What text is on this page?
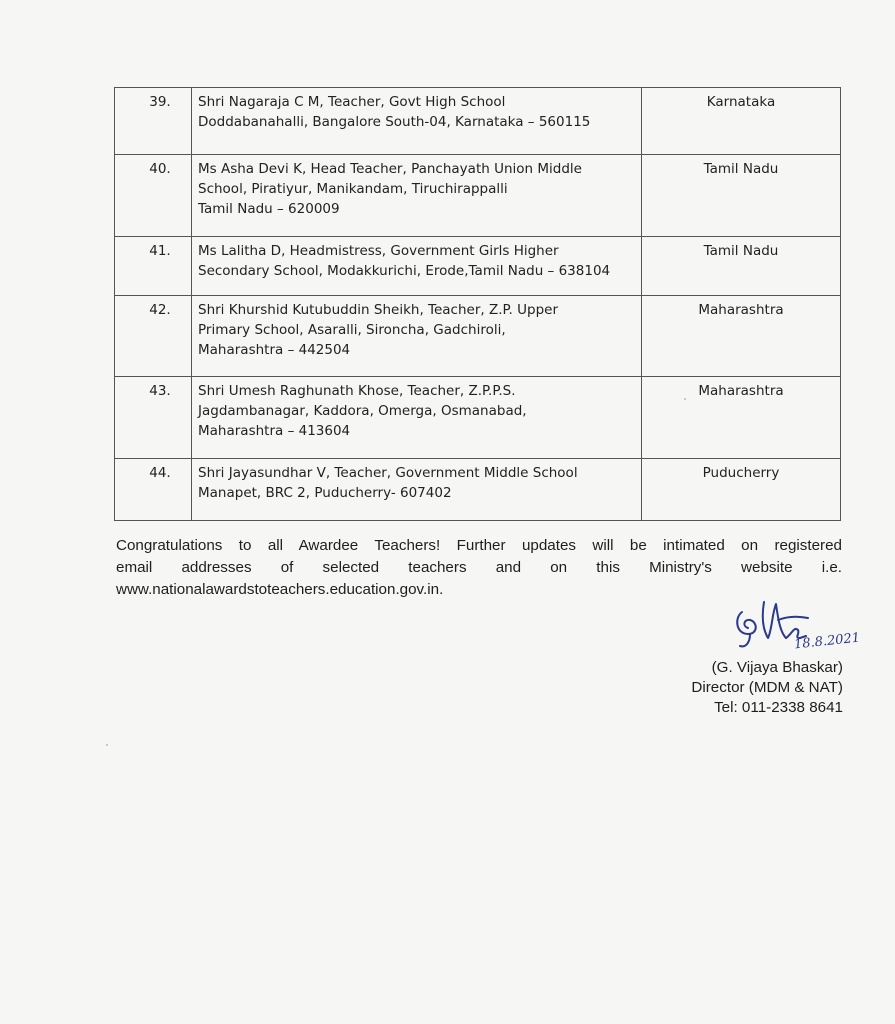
39.	Shri Nagaraja C M, Teacher, Govt High School
Doddabanahalli, Bangalore South-04, Karnataka – 560115	Karnataka
40.	Ms Asha Devi K, Head Teacher, Panchayath Union Middle
School, Piratiyur, Manikandam, Tiruchirappalli
Tamil Nadu – 620009	Tamil Nadu
41.	Ms Lalitha D, Headmistress, Government Girls Higher
Secondary School, Modakkurichi, Erode,Tamil Nadu – 638104	Tamil Nadu
42.	Shri Khurshid Kutubuddin Sheikh, Teacher, Z.P. Upper
Primary School, Asaralli, Sironcha, Gadchiroli,
Maharashtra – 442504	Maharashtra
43.	Shri Umesh Raghunath Khose, Teacher, Z.P.P.S.
Jagdambanagar, Kaddora, Omerga, Osmanabad,
Maharashtra – 413604	Maharashtra
44.	Shri Jayasundhar V, Teacher, Government Middle School
Manapet, BRC 2, Puducherry- 607402	Puducherry
Congratulations to all Awardee Teachers! Further updates will be intimated on registered
email addresses of selected teachers and on this Ministry's website i.e.
www.nationalawardstoteachers.education.gov.in.
18.8.2021
(G. Vijaya Bhaskar)
Director (MDM & NAT)
Tel: 011-2338 8641
